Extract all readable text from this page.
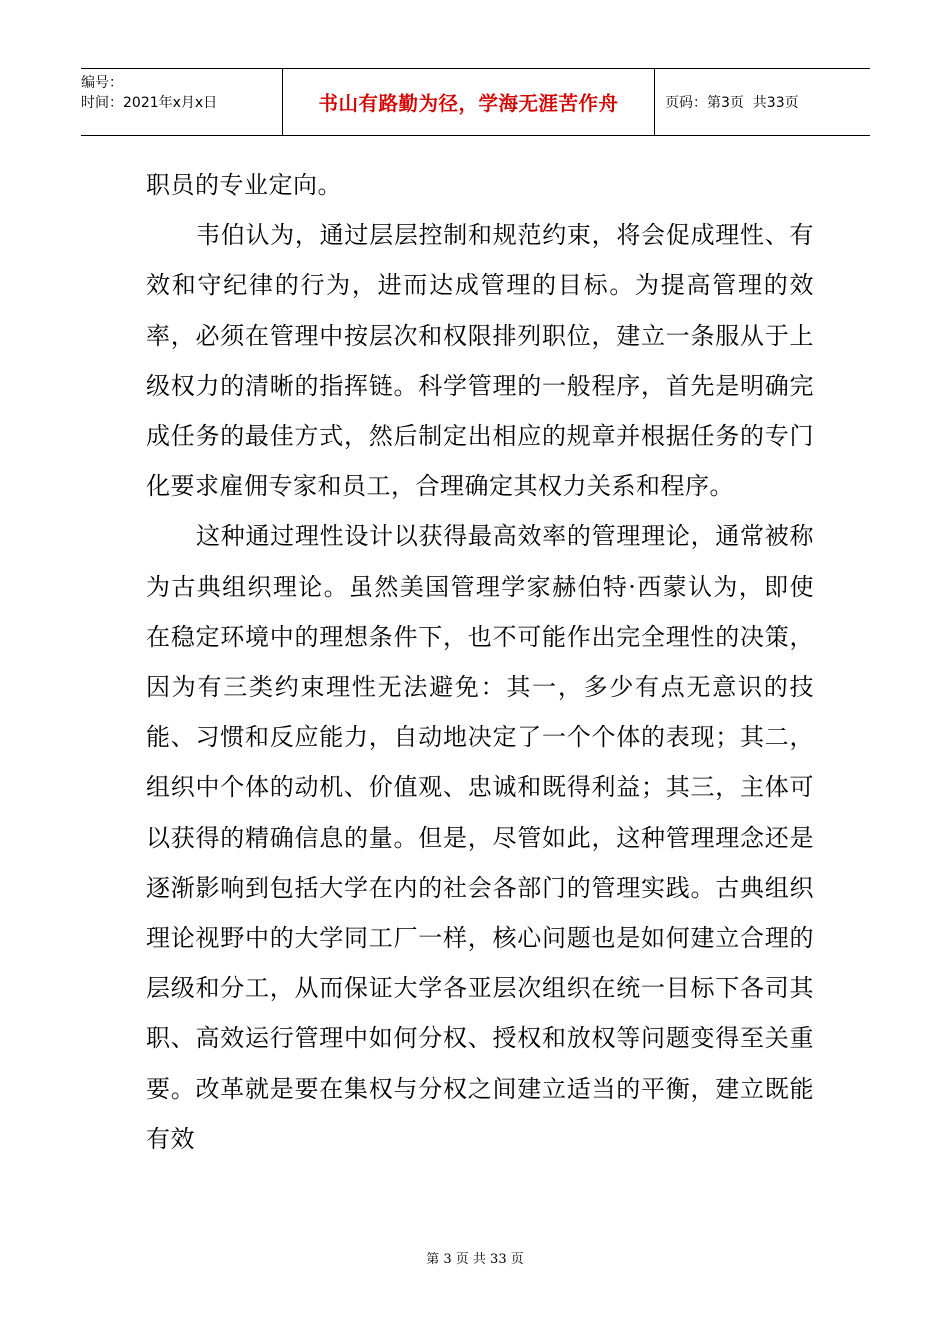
编号：
时间：2021年x月x日	书山有路勤为径，学海无涯苦作舟	页码：第3页  共33页

职员的专业定向。

韦伯认为，通过层层控制和规范约束，将会促成理性、有效和守纪律的行为，进而达成管理的目标。为提高管理的效率，必须在管理中按层次和权限排列职位，建立一条服从于上级权力的清晰的指挥链。科学管理的一般程序，首先是明确完成任务的最佳方式，然后制定出相应的规章并根据任务的专门化要求雇佣专家和员工，合理确定其权力关系和程序。

这种通过理性设计以获得最高效率的管理理论，通常被称为古典组织理论。虽然美国管理学家赫伯特·西蒙认为，即使在稳定环境中的理想条件下，也不可能作出完全理性的决策，因为有三类约束理性无法避免：其一，多少有点无意识的技能、习惯和反应能力，自动地决定了一个个体的表现；其二，组织中个体的动机、价值观、忠诚和既得利益；其三，主体可以获得的精确信息的量。但是，尽管如此，这种管理理念还是逐渐影响到包括大学在内的社会各部门的管理实践。古典组织理论视野中的大学同工厂一样，核心问题也是如何建立合理的层级和分工，从而保证大学各亚层次组织在统一目标下各司其职、高效运行管理中如何分权、授权和放权等问题变得至关重要。改革就是要在集权与分权之间建立适当的平衡，建立既能有效

第 3 页 共 33 页
